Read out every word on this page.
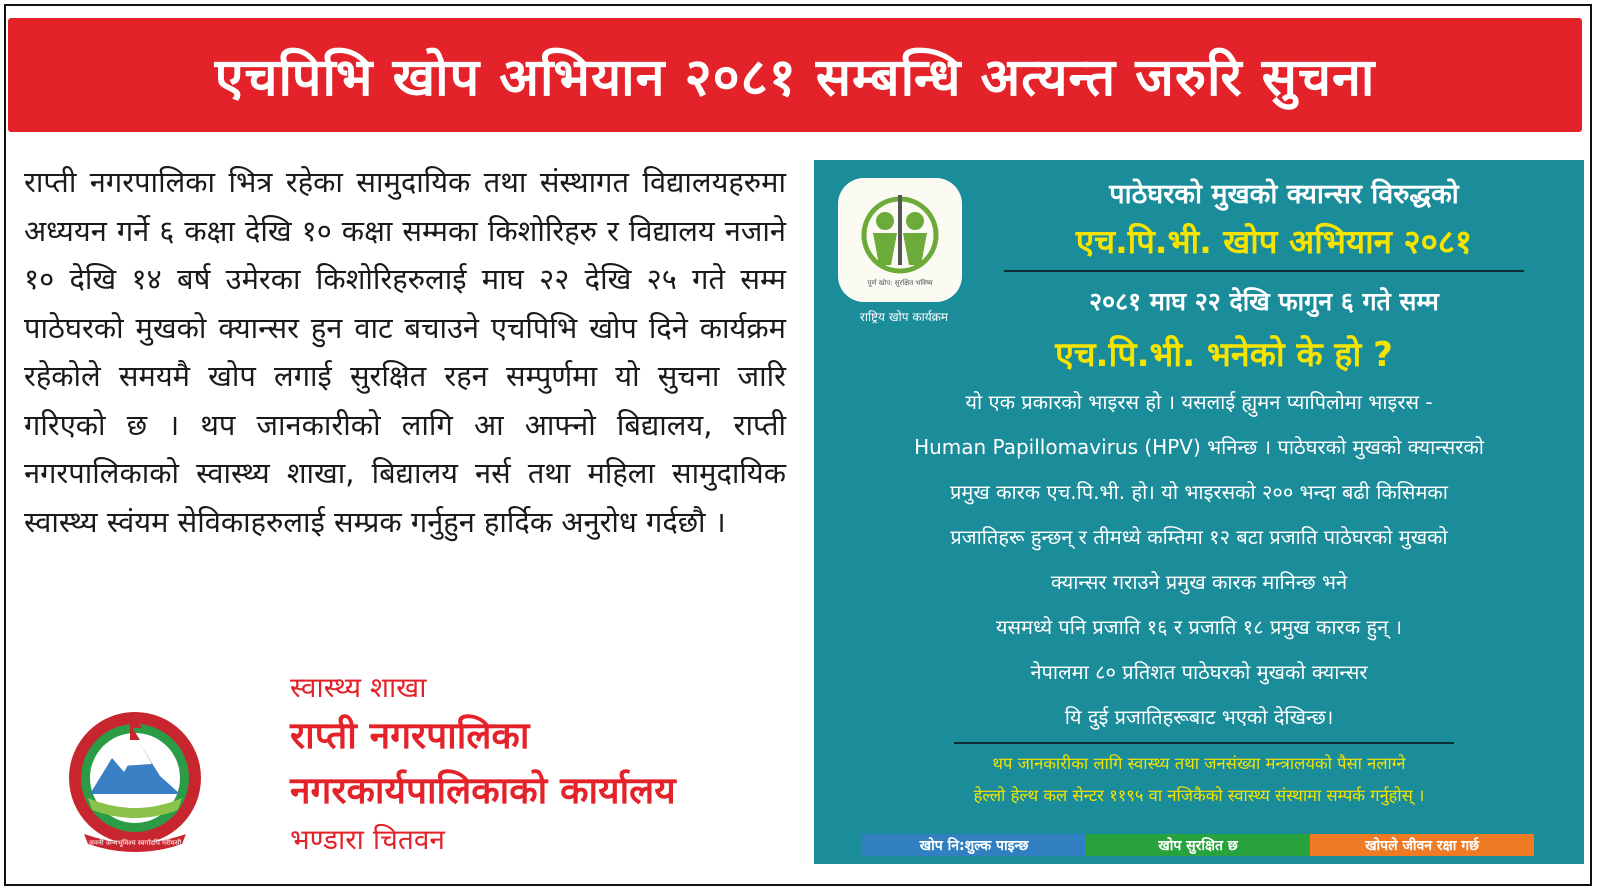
एचपिभि खोप अभियान २०८१ सम्बन्धि अत्यन्त जरुरि सुचना

राप्ती नगरपालिका भित्र रहेका सामुदायिक तथा संस्थागत विद्यालयहरुमा अध्ययन गर्ने ६ कक्षा देखि १० कक्षा सम्मका किशोरिहरु र विद्यालय नजाने १० देखि १४ बर्ष उमेरका किशोरिहरुलाई माघ २२ देखि २५ गते सम्म पाठेघरको मुखको क्यान्सर हुन वाट बचाउने एचपिभि खोप दिने कार्यक्रम रहेकोले समयमै खोप लगाई सुरक्षित रहन सम्पुर्णमा यो सुचना जारि गरिएको छ । थप जानकारीको लागि आ आफ्नो बिद्यालय, राप्ती नगरपालिकाको स्वास्थ्य शाखा, बिद्यालय नर्स तथा महिला सामुदायिक स्वास्थ्य स्वंयम सेविकाहरुलाई सम्प्रक गर्नुहुन हार्दिक अनुरोध गर्दछौ ।

जननी जन्मभूमिश्च स्वर्गादपि गरीयसी
स्वास्थ्य शाखा
राप्ती नगरपालिका
नगरकार्यपालिकाको कार्यालय
भण्डारा चितवन
पूर्ण खोप: सुरक्षित भविष्य
राष्ट्रिय खोप कार्यक्रम
पाठेघरको मुखको क्यान्सर विरुद्धको
एच.पि.भी. खोप अभियान २०८१
२०८१ माघ २२ देखि फागुन ६ गते सम्म
एच.पि.भी. भनेको के हो ?
यो एक प्रकारको भाइरस हो । यसलाई ह्युमन प्यापिलोमा भाइरस -
Human Papillomavirus (HPV) भनिन्छ । पाठेघरको मुखको क्यान्सरको
प्रमुख कारक एच.पि.भी. हो। यो भाइरसको २०० भन्दा बढी किसिमका
प्रजातिहरू हुन्छन् र तीमध्ये कम्तिमा १२ बटा प्रजाति पाठेघरको मुखको
क्यान्सर गराउने प्रमुख कारक मानिन्छ भने
यसमध्ये पनि प्रजाति १६ र प्रजाति १८ प्रमुख कारक हुन् ।
नेपालमा ८० प्रतिशत पाठेघरको मुखको क्यान्सर
यि दुई प्रजातिहरूबाट भएको देखिन्छ।
थप जानकारीका लागि स्वास्थ्य तथा जनसंख्या मन्त्रालयको पैसा नलाग्ने
हेल्लो हेल्थ कल सेन्टर ११९५ वा नजिकैको स्वास्थ्य संस्थामा सम्पर्क गर्नुहोस् ।
खोप नि:शुल्क पाइन्छ	खोप सुरक्षित छ	खोपले जीवन रक्षा गर्छ
